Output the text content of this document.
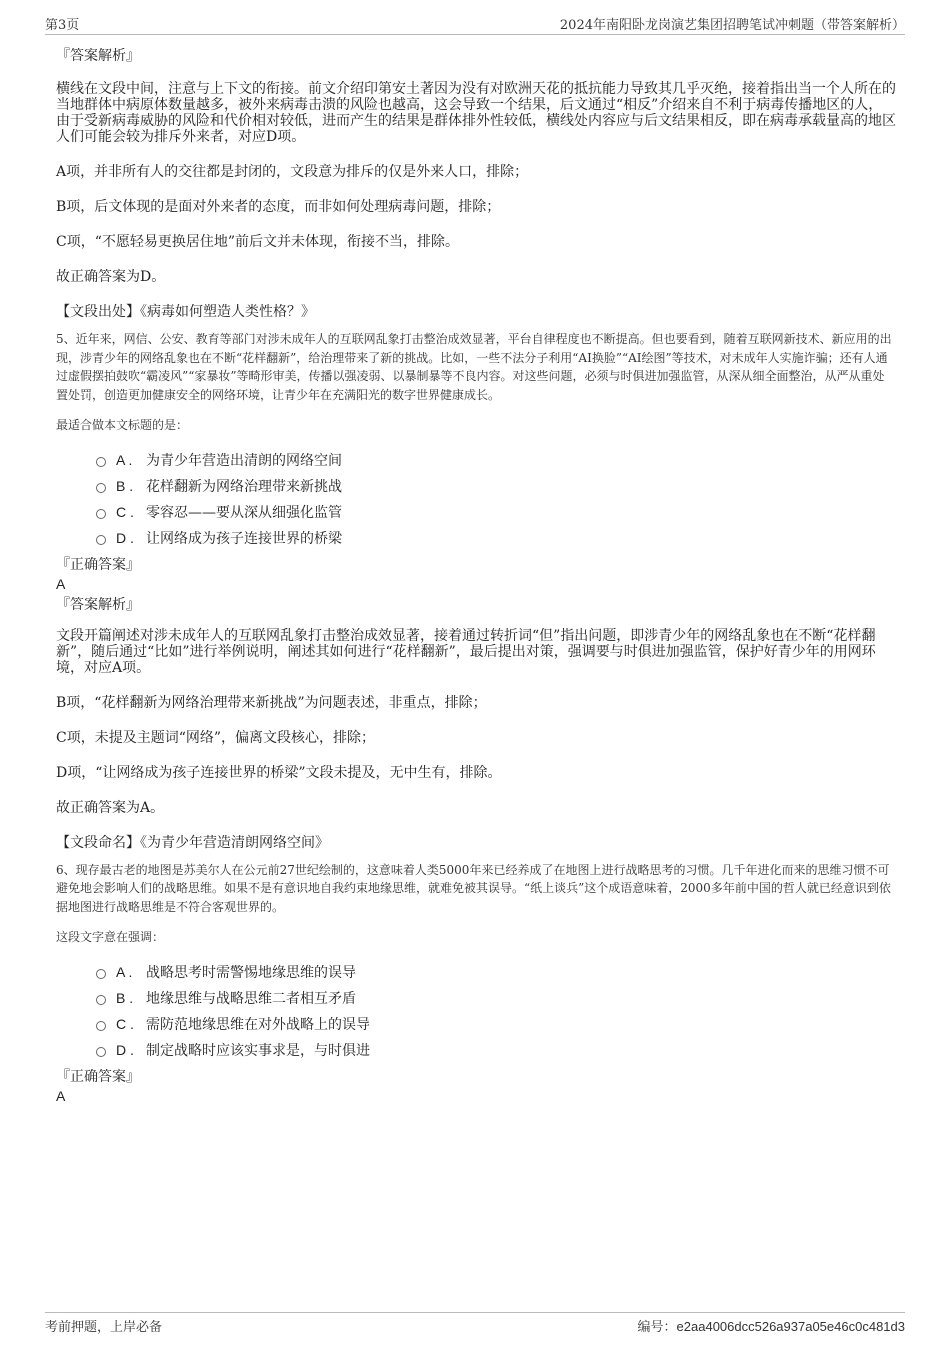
第3页	2024年南阳卧龙岗演艺集团招聘笔试冲刺题（带答案解析）

『答案解析』

横线在文段中间，注意与上下文的衔接。前文介绍印第安土著因为没有对欧洲天花的抵抗能力导致其几乎灭绝，接着指出当一个人所在的当地群体中病原体数量越多，被外来病毒击溃的风险也越高，这会导致一个结果，后文通过“相反”介绍来自不利于病毒传播地区的人，由于受新病毒威胁的风险和代价相对较低，进而产生的结果是群体排外性较低，横线处内容应与后文结果相反，即在病毒承载量高的地区人们可能会较为排斥外来者，对应D项。

A项，并非所有人的交往都是封闭的，文段意为排斥的仅是外来人口，排除；

B项，后文体现的是面对外来者的态度，而非如何处理病毒问题，排除；

C项，“不愿轻易更换居住地”前后文并未体现，衔接不当，排除。

故正确答案为D。

【文段出处】《病毒如何塑造人类性格？》

5、近年来，网信、公安、教育等部门对涉未成年人的互联网乱象打击整治成效显著，平台自律程度也不断提高。但也要看到，随着互联网新技术、新应用的出现，涉青少年的网络乱象也在不断“花样翻新”，给治理带来了新的挑战。比如，一些不法分子利用“AI换脸”“AI绘图”等技术，对未成年人实施诈骗；还有人通过虚假摆拍鼓吹“霸凌风”“家暴妆”等畸形审美，传播以强凌弱、以暴制暴等不良内容。对这些问题，必须与时俱进加强监管，从深从细全面整治，从严从重处置处罚，创造更加健康安全的网络环境，让青少年在充满阳光的数字世界健康成长。

最适合做本文标题的是：

A . 为青少年营造出清朗的网络空间
B . 花样翻新为网络治理带来新挑战
C . 零容忍——要从深从细强化监管
D . 让网络成为孩子连接世界的桥梁

『正确答案』

A

『答案解析』

文段开篇阐述对涉未成年人的互联网乱象打击整治成效显著，接着通过转折词“但”指出问题，即涉青少年的网络乱象也在不断“花样翻新”，随后通过“比如”进行举例说明，阐述其如何进行“花样翻新”，最后提出对策，强调要与时俱进加强监管，保护好青少年的用网环境，对应A项。

B项，“花样翻新为网络治理带来新挑战”为问题表述，非重点，排除；

C项，未提及主题词“网络”，偏离文段核心，排除；

D项，“让网络成为孩子连接世界的桥梁”文段未提及，无中生有，排除。

故正确答案为A。

【文段命名】《为青少年营造清朗网络空间》

6、现存最古老的地图是苏美尔人在公元前27世纪绘制的，这意味着人类5000年来已经养成了在地图上进行战略思考的习惯。几千年进化而来的思维习惯不可避免地会影响人们的战略思维。如果不是有意识地自我约束地缘思维，就难免被其误导。“纸上谈兵”这个成语意味着，2000多年前中国的哲人就已经意识到依据地图进行战略思维是不符合客观世界的。

这段文字意在强调：

A . 战略思考时需警惕地缘思维的误导
B . 地缘思维与战略思维二者相互矛盾
C . 需防范地缘思维在对外战略上的误导
D . 制定战略时应该实事求是，与时俱进

『正确答案』

A

考前押题，上岸必备	编号：e2aa4006dcc526a937a05e46c0c481d3
